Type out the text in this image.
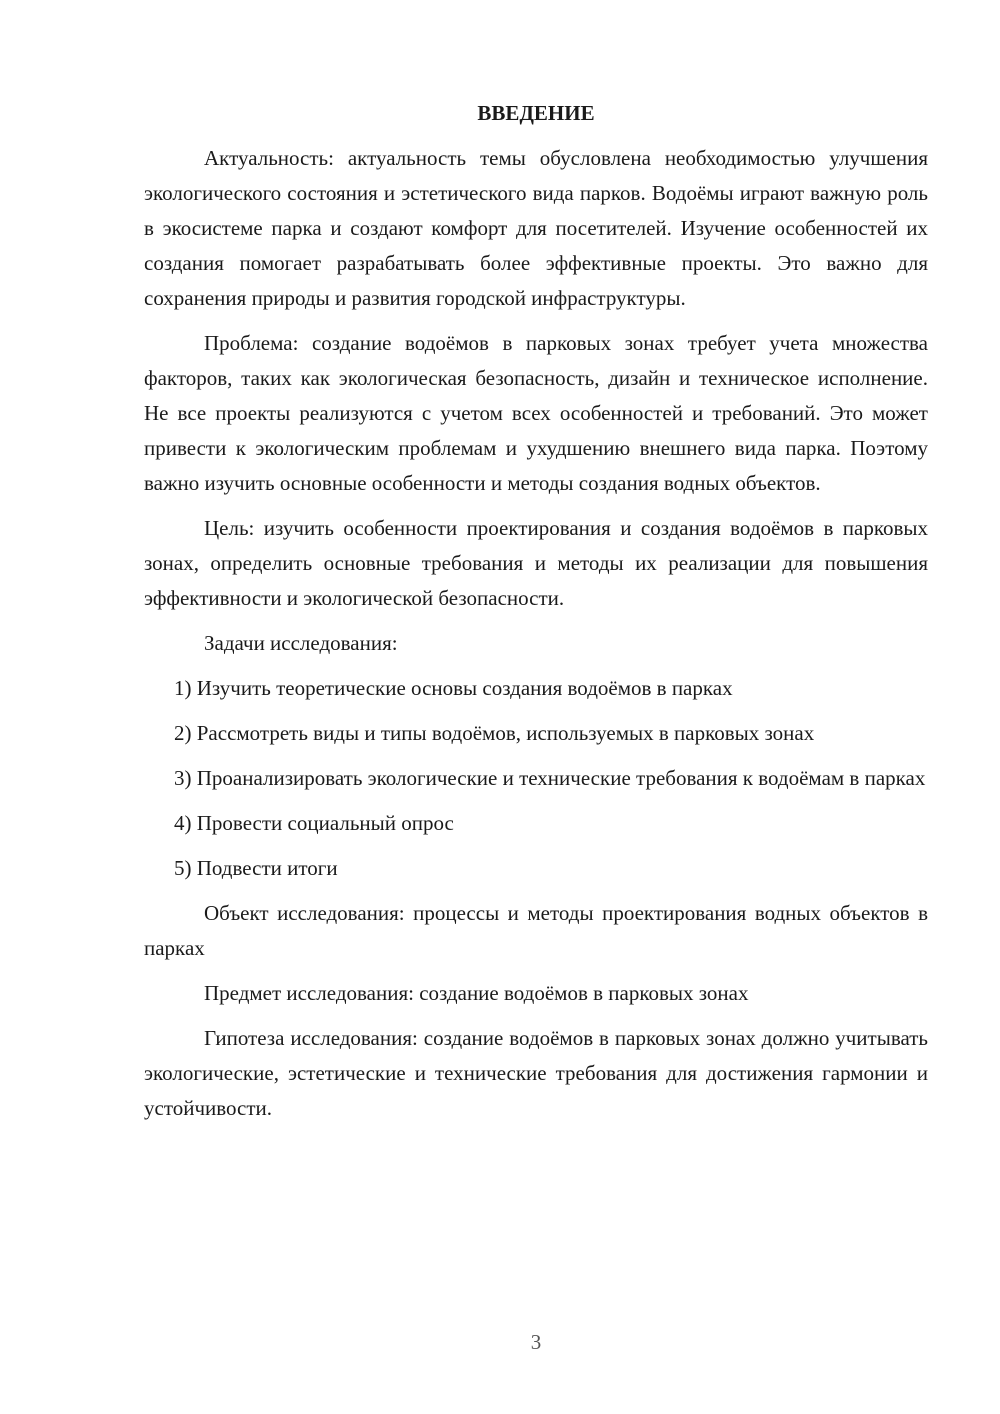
ВВЕДЕНИЕ

Актуальность: актуальность темы обусловлена необходимостью улучшения экологического состояния и эстетического вида парков. Водоёмы играют важную роль в экосистеме парка и создают комфорт для посетителей. Изучение особенностей их создания помогает разрабатывать более эффективные проекты. Это важно для сохранения природы и развития городской инфраструктуры.

Проблема: создание водоёмов в парковых зонах требует учета множества факторов, таких как экологическая безопасность, дизайн и техническое исполнение. Не все проекты реализуются с учетом всех особенностей и требований. Это может привести к экологическим проблемам и ухудшению внешнего вида парка. Поэтому важно изучить основные особенности и методы создания водных объектов.

Цель: изучить особенности проектирования и создания водоёмов в парковых зонах, определить основные требования и методы их реализации для повышения эффективности и экологической безопасности.

Задачи исследования:

1) Изучить теоретические основы создания водоёмов в парках

2) Рассмотреть виды и типы водоёмов, используемых в парковых зонах

3) Проанализировать экологические и технические требования к водоёмам в парках

4) Провести социальный опрос

5) Подвести итоги

Объект исследования: процессы и методы проектирования водных объектов в парках

Предмет исследования: создание водоёмов в парковых зонах

Гипотеза исследования: создание водоёмов в парковых зонах должно учитывать экологические, эстетические и технические требования для достижения гармонии и устойчивости.

3
